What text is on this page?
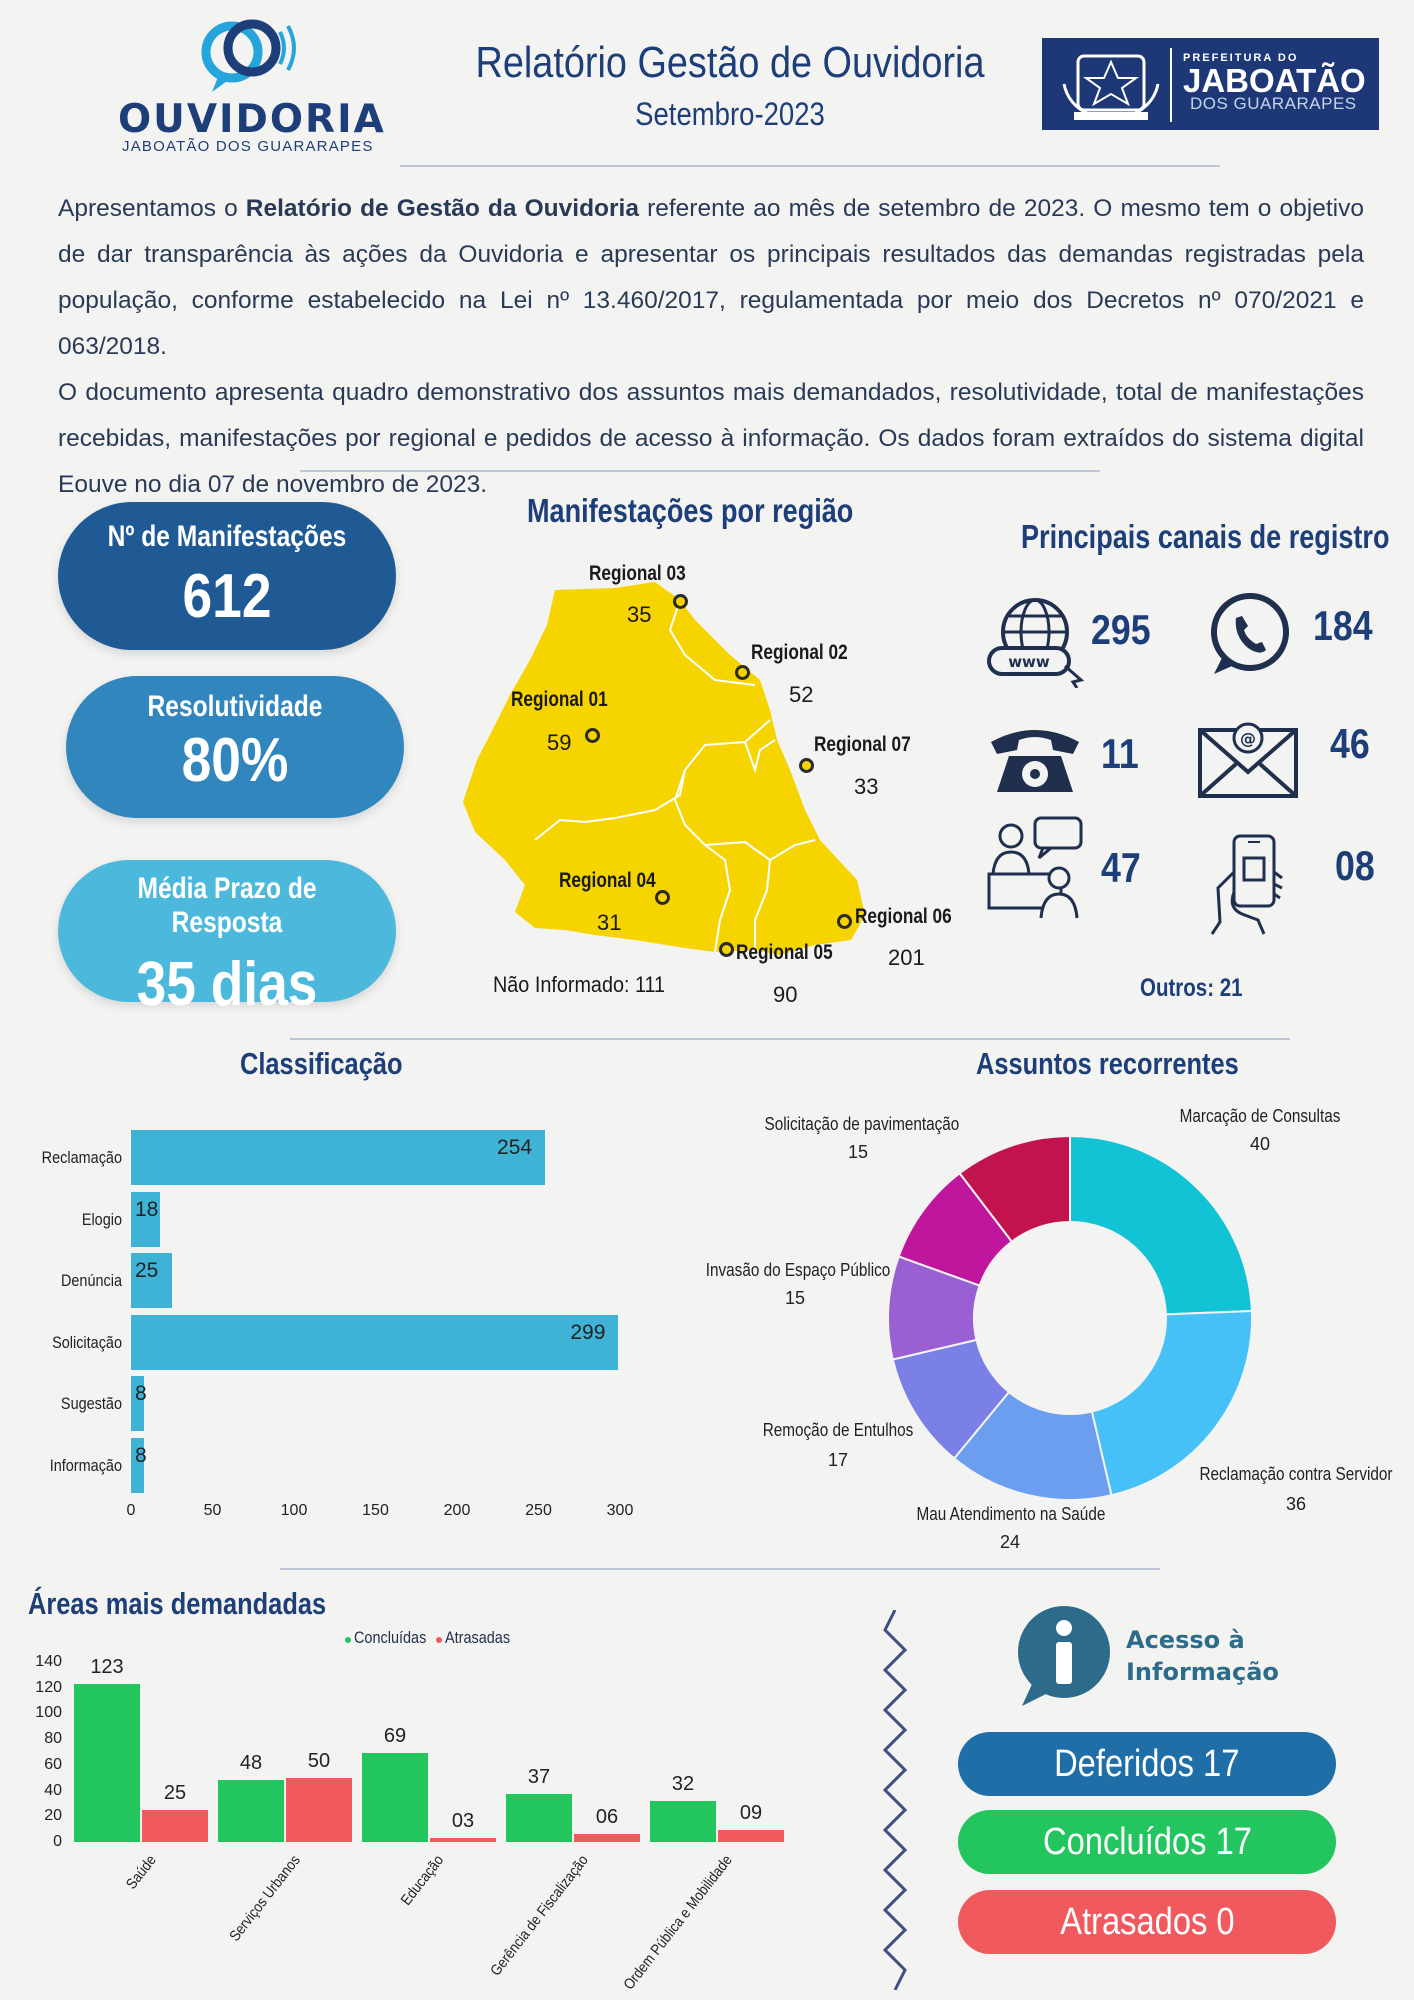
OUVIDORIA
JABOATÃO DOS GUARARAPES
Relatório Gestão de Ouvidoria
Setembro-2023
PREFEITURA DO
JABOATÃO
DOS GUARARAPES

Apresentamos o Relatório de Gestão da Ouvidoria referente ao mês de setembro de 2023. O mesmo tem o objetivo de dar transparência às ações da Ouvidoria e apresentar os principais resultados das demandas registradas pela população, conforme estabelecido na Lei nº 13.460/2017, regulamentada por meio dos Decretos nº 070/2021 e 063/2018.

O documento apresenta quadro demonstrativo dos assuntos mais demandados, resolutividade, total de manifestações recebidas, manifestações por regional e pedidos de acesso à informação. Os dados foram extraídos do sistema digital Eouve no dia 07 de novembro de 2023.

Nº de Manifestações
612
Resolutividade
80%
Média Prazo de Resposta
35 dias
Manifestações por região
Regional 03
35
Regional 02
52
Regional 01
59	Regional 07
33
Regional 04
31	Regional 06
201
Regional 05
90
Não Informado: 111
Principais canais de registro
www
295	184
11	@ 46
47	08
Outros: 21
Classificação
Reclamação	254
Elogio 18
Denúncia 25
Solicitação	299
Sugestão 8
Informação 8
0	50	100	150	200	250	300
Assuntos recorrentes
Marcação de Consultas
40
Reclamação contra Servidor
36
Mau Atendimento na Saúde
24
Remoção de Entulhos
17
Invasão do Espaço Público
15
Solicitação de pavimentação
15
Áreas mais demandadas
Concluídas Atrasadas
0
20
40
60
80
100
120
140	123
25
Saúde
48	50
Serviços Urbanos
69
03
Educação
37
06
Gerência de Fiscalização
32
09
Ordem Pública e Mobilidade
Acesso à
Informação
Deferidos 17
Concluídos 17
Atrasados 0
